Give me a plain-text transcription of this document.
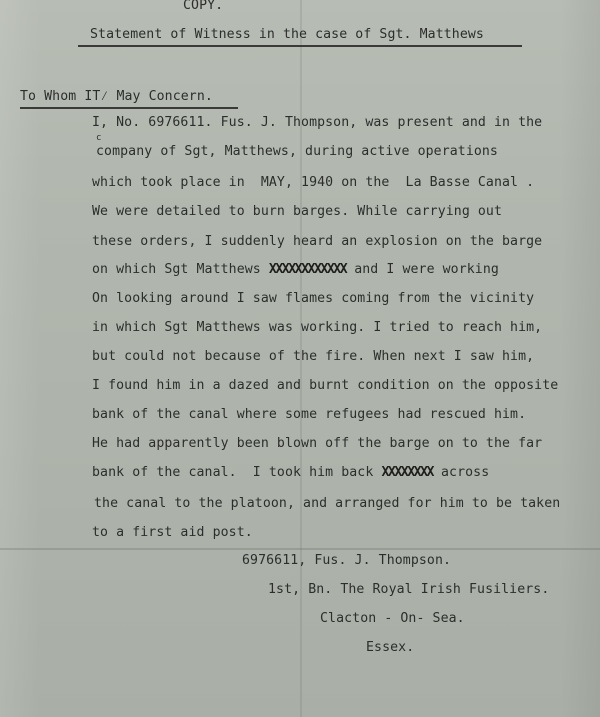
COPY.
Statement of Witness in the case of Sgt. Matthews
To Whom IT⁄ May Concern.
I, No. 6976611. Fus. J. Thompson, was present and in the
c
company of Sgt, Matthews, during active operations
which took place in  MAY, 1940 on the  La Basse Canal .
We were detailed to burn barges. While carrying out
these orders, I suddenly heard an explosion on the barge
on which Sgt Matthews XXXXXXXXXXXX and I were working
On looking around I saw flames coming from the vicinity
in which Sgt Matthews was working. I tried to reach him,
but could not because of the fire. When next I saw him,
I found him in a dazed and burnt condition on the opposite
bank of the canal where some refugees had rescued him.
He had apparently been blown off the barge on to the far
bank of the canal.  I took him back XXXXXXXX across
the canal to the platoon, and arranged for him to be taken
to a first aid post.
6976611, Fus. J. Thompson.
1st, Bn. The Royal Irish Fusiliers.
Clacton - On- Sea.
Essex.
